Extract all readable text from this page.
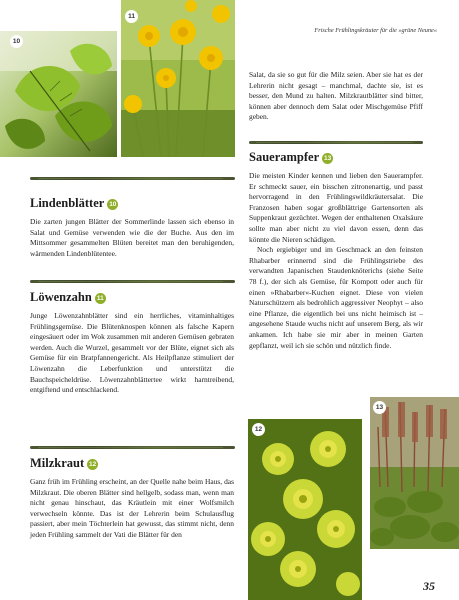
Frische Frühlingskräuter für die »grüne Neune«
10
11
Salat, da sie so gut für die Milz seien. Aber sie hat es der Lehrerin nicht gesagt – manchmal, dachte sie, ist es besser, den Mund zu halten. Milzkrautblätter sind bitter, können aber dennoch dem Salat oder Mischgemüse Pfiff geben.
Sauerampfer 13

Die meisten Kinder kennen und lieben den Sauerampfer. Er schmeckt sauer, ein bisschen zitronenartig, und passt hervorragend in den Frühlingswildkräutersalat. Die Franzosen haben sogar großblättrige Gartensorten als Suppenkraut gezüchtet. Wegen der enthaltenen Oxalsäure sollte man aber nicht zu viel davon essen, denn das könnte die Nieren schädigen.

Noch ergiebiger und im Geschmack an den feinsten Rhabarber erinnernd sind die Frühlingstriebe des verwandten Japanischen Staudenknöterichs (siehe Seite 78 f.), der sich als Gemüse, für Kompott oder auch für einen »Rhabarber«-Kuchen eignet. Diese von vielen Naturschützern als bedrohlich aggressiver Neophyt – also eine Pflanze, die eigentlich bei uns nicht heimisch ist – angesehene Staude wuchs nicht auf unserem Berg, als wir ankamen. Ich habe sie mir aber in meinen Garten gepflanzt, weil ich sie schön und nützlich finde.

Lindenblätter 10
Die zarten jungen Blätter der Sommerlinde lassen sich ebenso in Salat und Gemüse verwenden wie die der Buche. Aus den im Mittsommer gesammelten Blüten bereitet man den beruhigenden, wärmenden Lindenblütentee.
Löwenzahn 11
Junge Löwenzahnblätter sind ein herrliches, vitaminhaltiges Frühlingsgemüse. Die Blütenknospen können als falsche Kapern eingesäuert oder im Wok zusammen mit anderen Gemüsen gebraten werden. Auch die Wurzel, gesammelt vor der Blüte, eignet sich als Gemüse für ein Bratpfannengericht. Als Heilpflanze stimuliert der Löwenzahn die Leberfunktion und unterstützt die Bauchspeicheldrüse. Löwenzahnblättertee wirkt harntreibend, entgiftend und entschlackend.
Milzkraut 12
Ganz früh im Frühling erscheint, an der Quelle nahe beim Haus, das Milzkraut. Die oberen Blätter sind hellgelb, sodass man, wenn man nicht genau hinschaut, das Kräutlein mit einer Wolfsmilch verwechseln könnte. Das ist der Lehrerin beim Schulausflug passiert, aber mein Töchterlein hat gewusst, das stimmt nicht, denn jeden Frühling sammelt der Vati die Blätter für den
12
13
35
